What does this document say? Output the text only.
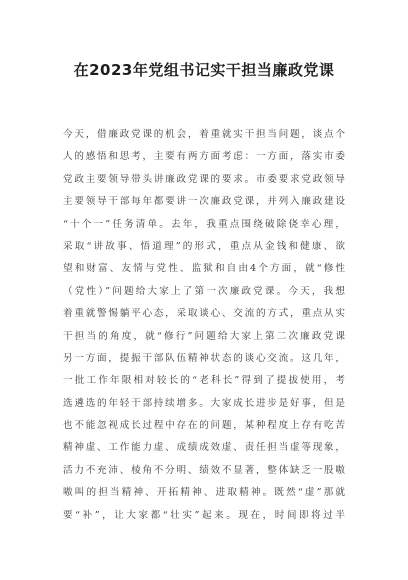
在2023年党组书记实干担当廉政党课
今天，借廉政党课的机会，着重就实干担当问题，谈点个
人的感悟和思考，主要有两方面考虑：一方面，落实市委
党政主要领导带头讲廉政党课的要求。市委要求党政领导
主要领导干部每年都要讲一次廉政党课，并列入廉政建设
“十个一”任务清单。去年，我重点围绕破除侥幸心理，
采取“讲故事、悟道理”的形式，重点从金钱和健康、欲
望和财富、友情与党性、监狱和自由4个方面，就“修性
（党性）”问题给大家上了第一次廉政党课。今天，我想
着重就警惕躺平心态，采取谈心、交流的方式，重点从实
干担当的角度，就“修行”问题给大家上第二次廉政党课
另一方面，提振干部队伍精神状态的谈心交流。这几年，
一批工作年限相对较长的“老科长”得到了提拔使用，考
选遴选的年轻干部持续增多。大家成长进步是好事，但是
也不能忽视成长过程中存在的问题，某种程度上存有吃苦
精神虚、工作能力虚、成绩成效虚、责任担当虚等现象，
活力不充沛、棱角不分明、绩效不显著，整体缺乏一股嗷
嗷叫的担当精神、开拓精神、进取精神。既然“虚”那就
要“补”，让大家都“壮实”起来。现在，时间即将过半
